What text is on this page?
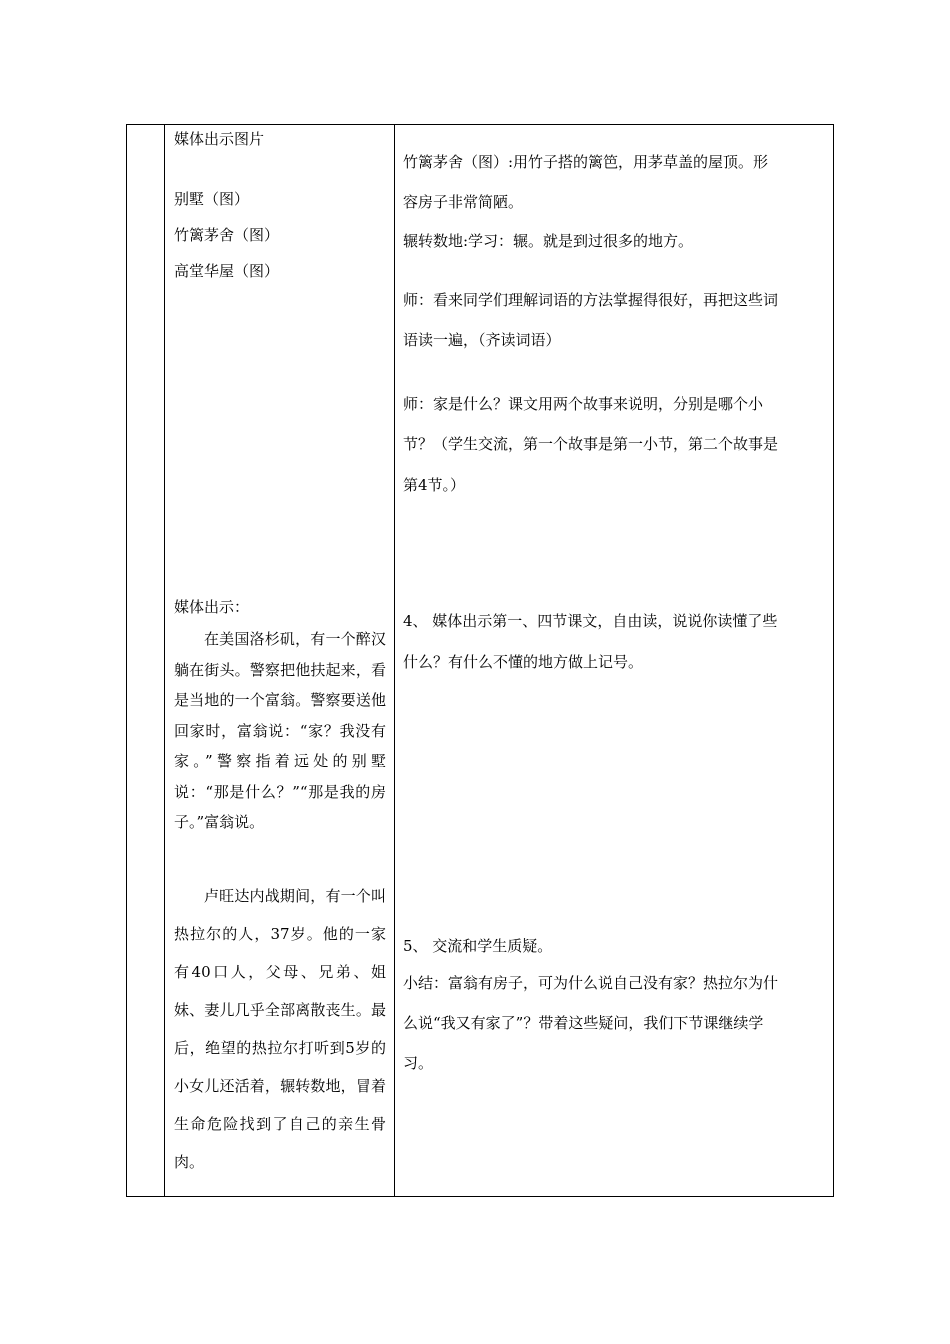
媒体出示图片
别墅（图）
竹篱茅舍（图）
高堂华屋（图）
媒体出示：
在美国洛杉矶，有一个醉汉躺在街头。警察把他扶起来，看是当地的一个富翁。警察要送他回家时，富翁说：“家？我没有家。”警察指着远处的别墅说：“那是什么？”“那是我的房子。”富翁说。
卢旺达内战期间，有一个叫热拉尔的人，37岁。他的一家有40口人，父母、兄弟、姐妹、妻儿几乎全部离散丧生。最后，绝望的热拉尔打听到5岁的小女儿还活着，辗转数地，冒着生命危险找到了自己的亲生骨肉。
竹篱茅舍（图）:用竹子搭的篱笆，用茅草盖的屋顶。形
容房子非常简陋。
辗转数地:学习：辗。就是到过很多的地方。
师：看来同学们理解词语的方法掌握得很好，再把这些词
语读一遍，（齐读词语）
师：家是什么？课文用两个故事来说明，分别是哪个小
节？（学生交流，第一个故事是第一小节，第二个故事是
第4节。）
4、 媒体出示第一、四节课文，自由读，说说你读懂了些
什么？有什么不懂的地方做上记号。
5、 交流和学生质疑。
小结：富翁有房子，可为什么说自己没有家？热拉尔为什
么说“我又有家了”？带着这些疑问，我们下节课继续学
习。
